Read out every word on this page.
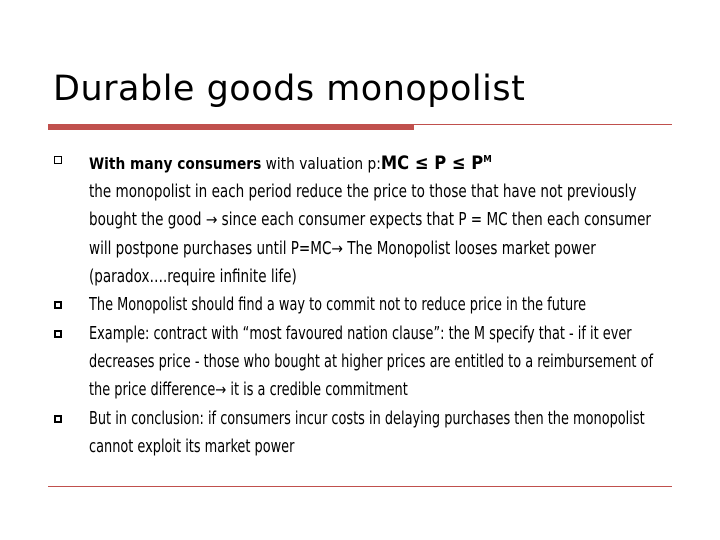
Durable goods monopolist
With many consumers with valuation p:MC ≤ $P \le P^M$
the monopolist in each period reduce the price to those that have not previously bought the good → since each consumer expects that P = MC then each consumer will postpone purchases until P=MC→ The Monopolist looses market power (paradox….require infinite life)
The Monopolist should find a way to commit not to reduce price in the future
Example: contract with “most favoured nation clause”: the M specify that - if it ever decreases price - those who bought at higher prices are entitled to a reimbursement of the price difference→ it is a credible commitment
But in conclusion: if consumers incur costs in delaying purchases then the monopolist cannot exploit its market power
